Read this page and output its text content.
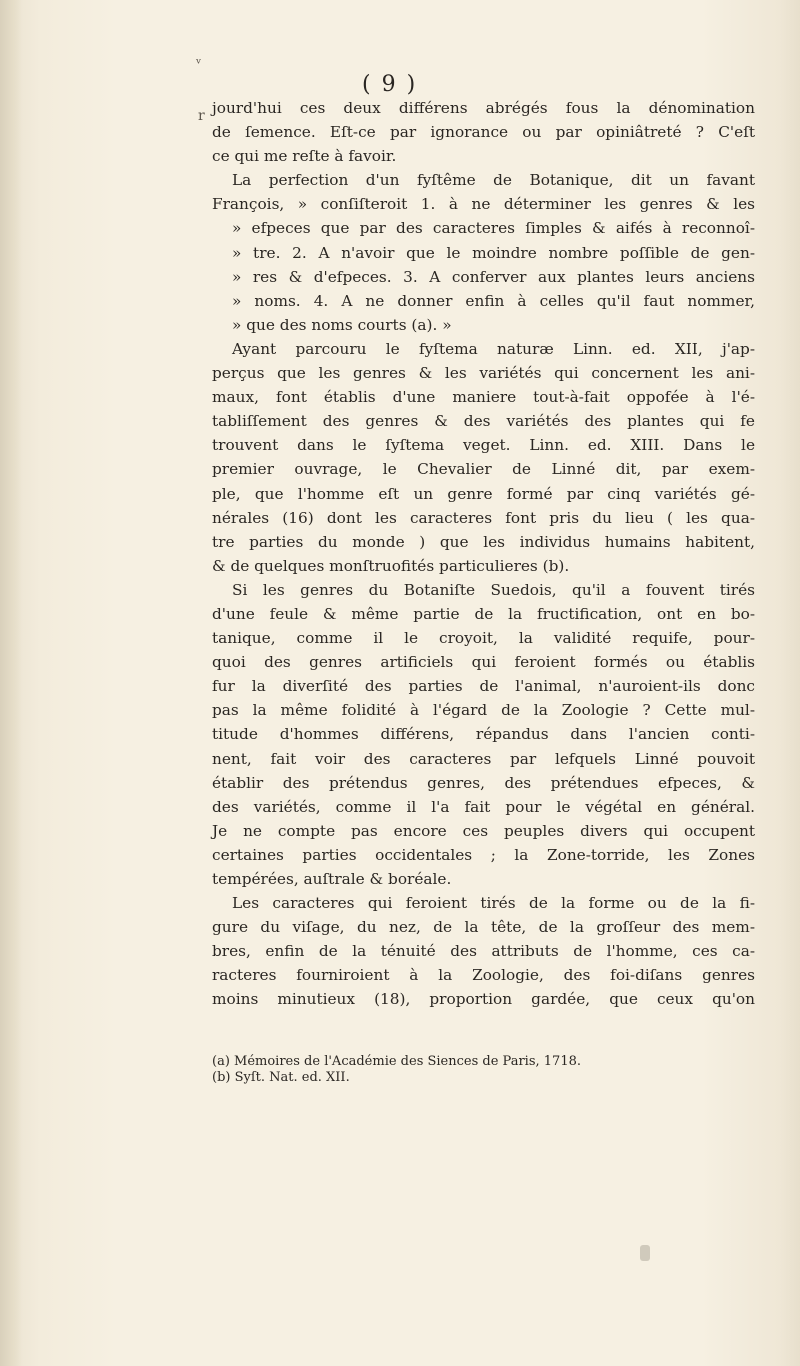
( 9 )
r
ᵛ

jourd'hui ces deux différens abrégés fous la dénomination

de ſemence. Eſt-ce par ignorance ou par opiniâtreté ? C'eſt

ce qui me reſte à favoir.

La perfection d'un fyſtême de Botanique, dit un favant

François, » conſiſteroit 1. à ne déterminer les genres & les

» efpeces que par des caracteres ſimples & aifés à reconnoî-

» tre. 2. A n'avoir que le moindre nombre poſſible de gen-

» res & d'efpeces. 3. A conferver aux plantes leurs anciens

» noms. 4. A ne donner enfin à celles qu'il faut nommer,

» que des noms courts (a). »

Ayant parcouru le fyſtema naturæ Linn. ed. XII, j'ap-

perçus que les genres & les variétés qui concernent les ani-

maux, font établis d'une maniere tout-à-fait oppofée à l'é-

tabliſſement des genres & des variétés des plantes qui fe

trouvent dans le ſyſtema veget. Linn. ed. XIII. Dans le

premier ouvrage, le Chevalier de Linné dit, par exem-

ple, que l'homme eſt un genre formé par cinq variétés gé-

nérales (16) dont les caracteres font pris du lieu ( les qua-

tre parties du monde ) que les individus humains habitent,

& de quelques monſtruofités particulieres (b).

Si les genres du Botaniſte Suedois, qu'il a fouvent tirés

d'une feule & même partie de la fructification, ont en bo-

tanique, comme il le croyoit, la validité requife, pour-

quoi des genres artificiels qui feroient formés ou établis

fur la diverſité des parties de l'animal, n'auroient-ils donc

pas la même folidité à l'égard de la Zoologie ? Cette mul-

titude d'hommes différens, répandus dans l'ancien conti-

nent, fait voir des caracteres par lefquels Linné pouvoit

établir des prétendus genres, des prétendues efpeces, &

des variétés, comme il l'a fait pour le végétal en général.

Je ne compte pas encore ces peuples divers qui occupent

certaines parties occidentales ; la Zone-torride, les Zones

tempérées, auſtrale & boréale.

Les caracteres qui feroient tirés de la forme ou de la fi-

gure du viſage, du nez, de la tête, de la groſſeur des mem-

bres, enfin de la ténuité des attributs de l'homme, ces ca-

racteres fourniroient à la Zoologie, des foi-diſans genres

moins minutieux (18), proportion gardée, que ceux qu'on

(a) Mémoires de l'Académie des Siences de Paris, 1718.

(b) Syſt. Nat. ed. XII.
